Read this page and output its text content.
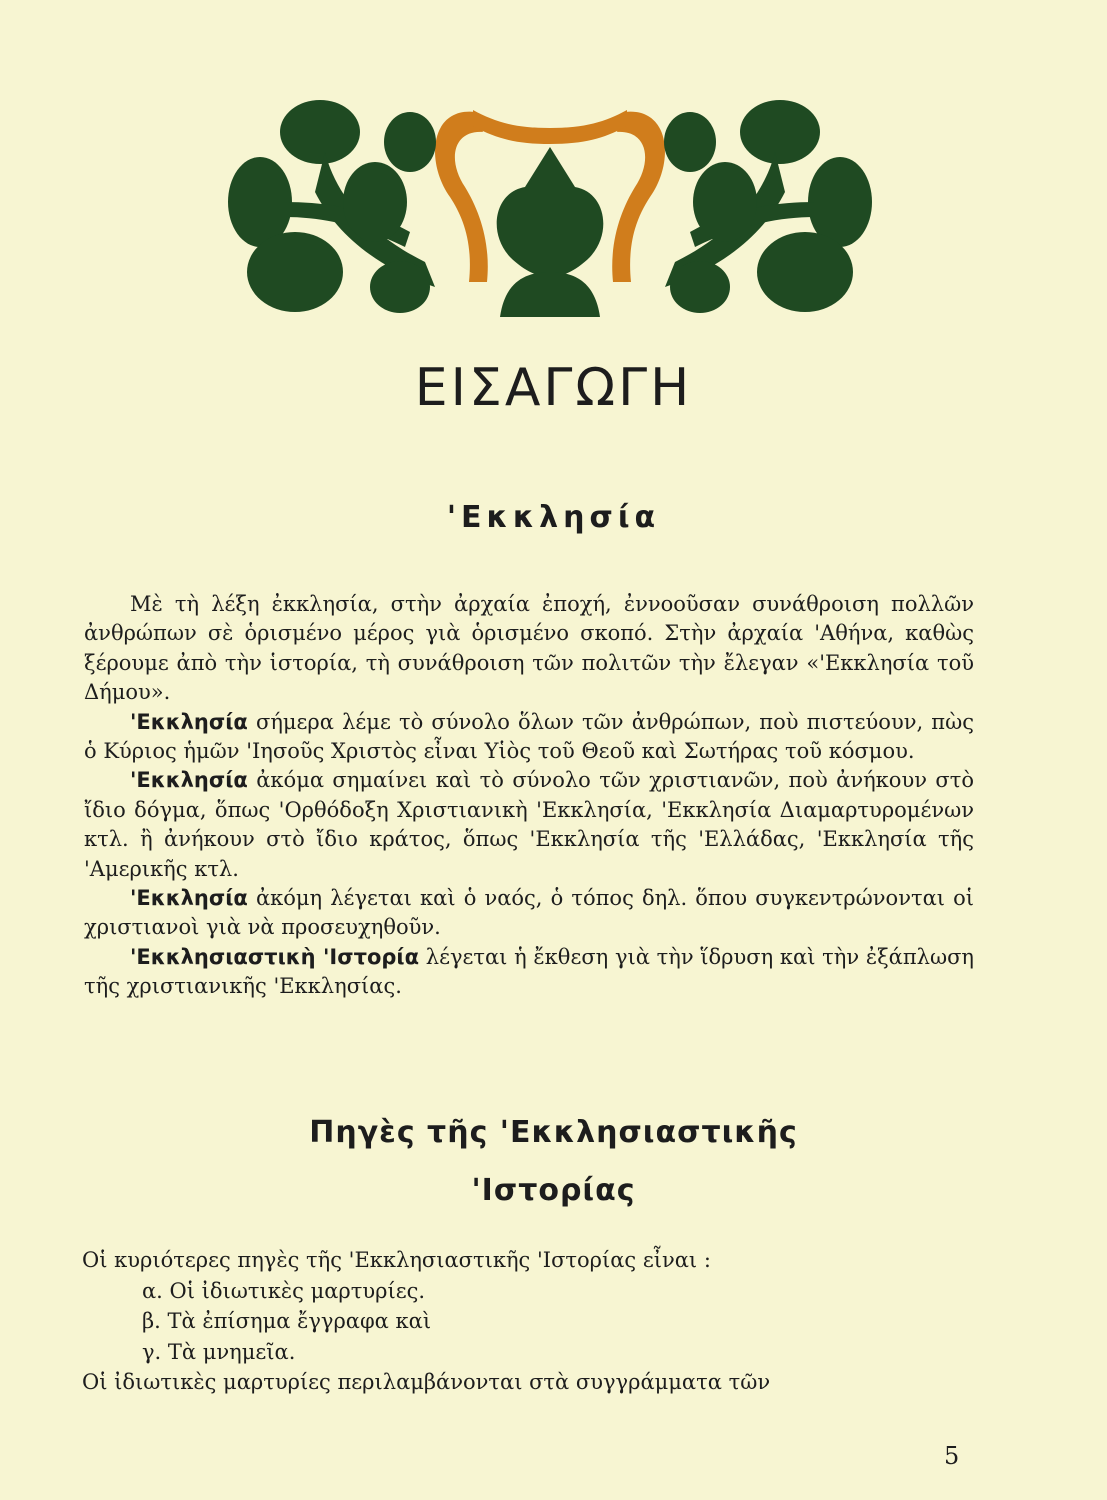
ΕΙΣΑΓΩΓΗ
'Εκκλησία

Μὲ τὴ λέξη ἐκκλησία, στὴν ἀρχαία ἐποχή, ἐννοοῦσαν συνάθροιση πολλῶν ἀνθρώπων σὲ ὁρισμένο μέρος γιὰ ὁρισμένο σκοπό. Στὴν ἀρχαία 'Αθήνα, καθὼς ξέρουμε ἀπὸ τὴν ἱστορία, τὴ συνάθροιση τῶν πολιτῶν τὴν ἔλεγαν «'Εκκλησία τοῦ Δήμου».

'Εκκλησία σήμερα λέμε τὸ σύνολο ὅλων τῶν ἀνθρώπων, ποὺ πιστεύουν, πὼς ὁ Κύριος ἡμῶν 'Ιησοῦς Χριστὸς εἶναι Υἱὸς τοῦ Θεοῦ καὶ Σωτήρας τοῦ κόσμου.

'Εκκλησία ἀκόμα σημαίνει καὶ τὸ σύνολο τῶν χριστιανῶν, ποὺ ἀνήκουν στὸ ἴδιο δόγμα, ὅπως 'Ορθόδοξη Χριστιανικὴ 'Εκκλησία, 'Εκκλησία Διαμαρτυρομένων κτλ. ἢ ἀνήκουν στὸ ἴδιο κράτος, ὅπως 'Εκκλησία τῆς 'Ελλάδας, 'Εκκλησία τῆς 'Αμερικῆς κτλ.

'Εκκλησία ἀκόμη λέγεται καὶ ὁ ναός, ὁ τόπος δηλ. ὅπου συγκεντρώνονται οἱ χριστιανοὶ γιὰ νὰ προσευχηθοῦν.

'Εκκλησιαστικὴ 'Ιστορία λέγεται ἡ ἔκθεση γιὰ τὴν ἵδρυση καὶ τὴν ἐξάπλωση τῆς χριστιανικῆς 'Εκκλησίας.

Πηγὲς τῆς 'Εκκλησιαστικῆς
'Ιστορίας

Οἱ κυριότερες πηγὲς τῆς 'Εκκλησιαστικῆς 'Ιστορίας εἶναι :

α. Οἱ ἰδιωτικὲς μαρτυρίες.

β. Τὰ ἐπίσημα ἔγγραφα καὶ

γ. Τὰ μνημεῖα.

Οἱ ἰδιωτικὲς μαρτυρίες περιλαμβάνονται στὰ συγγράμματα τῶν

5
